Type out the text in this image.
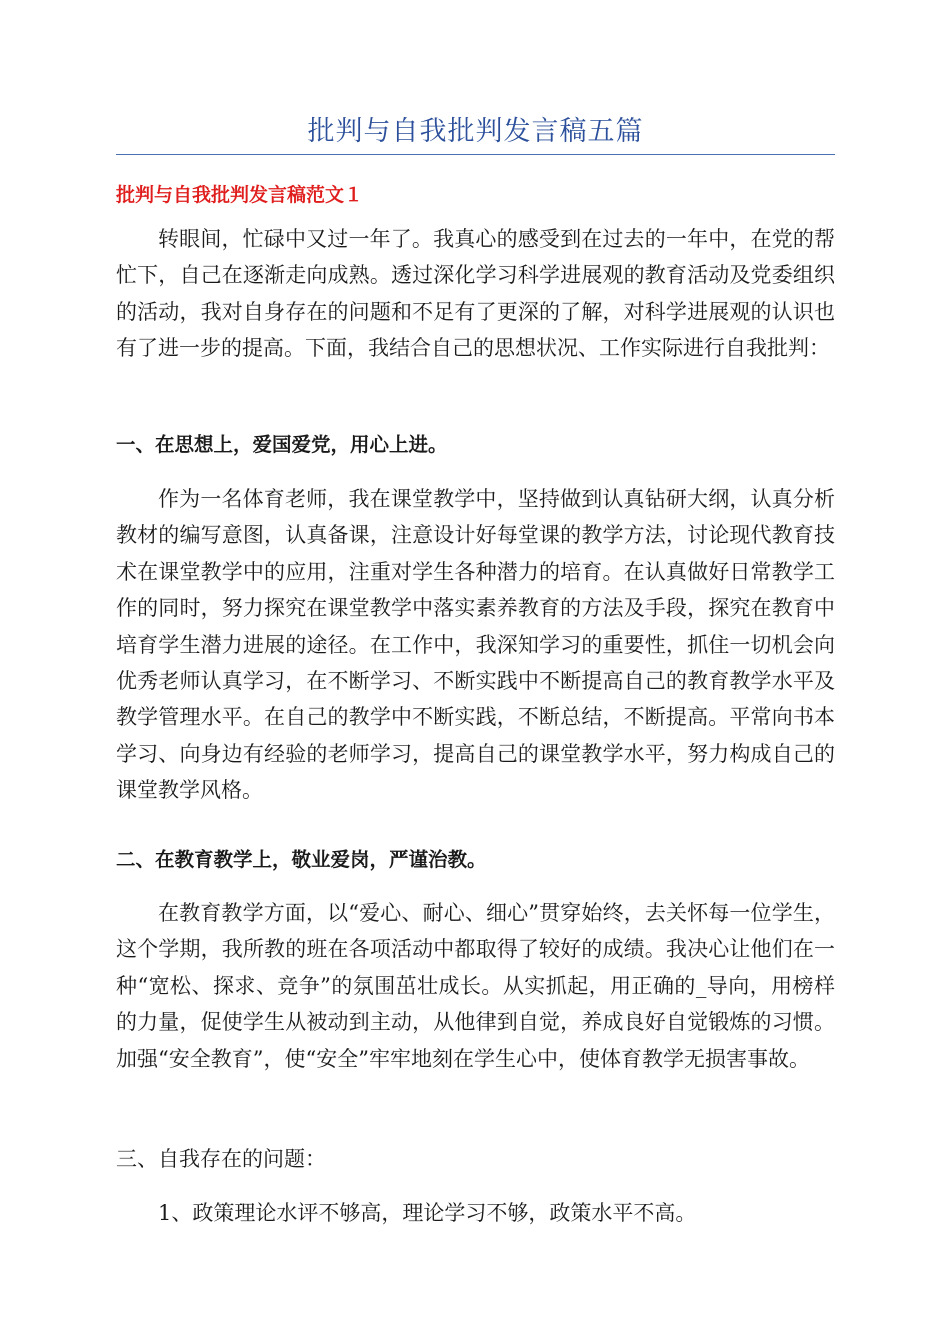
批判与自我批判发言稿五篇
批判与自我批判发言稿范文１

转眼间，忙碌中又过一年了。我真心的感受到在过去的一年中，在党的帮忙下，自己在逐渐走向成熟。透过深化学习科学进展观的教育活动及党委组织的活动，我对自身存在的问题和不足有了更深的了解，对科学进展观的认识也有了进一步的提高。下面，我结合自己的思想状况、工作实际进行自我批判：

一、在思想上，爱国爱党，用心上进。

作为一名体育老师，我在课堂教学中，坚持做到认真钻研大纲，认真分析教材的编写意图，认真备课，注意设计好每堂课的教学方法，讨论现代教育技术在课堂教学中的应用，注重对学生各种潜力的培育。在认真做好日常教学工作的同时，努力探究在课堂教学中落实素养教育的方法及手段，探究在教育中培育学生潜力进展的途径。在工作中，我深知学习的重要性，抓住一切机会向优秀老师认真学习，在不断学习、不断实践中不断提高自己的教育教学水平及教学管理水平。在自己的教学中不断实践，不断总结，不断提高。平常向书本学习、向身边有经验的老师学习，提高自己的课堂教学水平，努力构成自己的课堂教学风格。

二、在教育教学上，敬业爱岗，严谨治教。

在教育教学方面，以“爱心、耐心、细心”贯穿始终，去关怀每一位学生，这个学期，我所教的班在各项活动中都取得了较好的成绩。我决心让他们在一种“宽松、探求、竞争”的氛围茁壮成长。从实抓起，用正确的_导向，用榜样的力量，促使学生从被动到主动，从他律到自觉，养成良好自觉锻炼的习惯。加强“安全教育”，使“安全”牢牢地刻在学生心中，使体育教学无损害事故。

三、自我存在的问题：

1、政策理论水评不够高，理论学习不够，政策水平不高。
